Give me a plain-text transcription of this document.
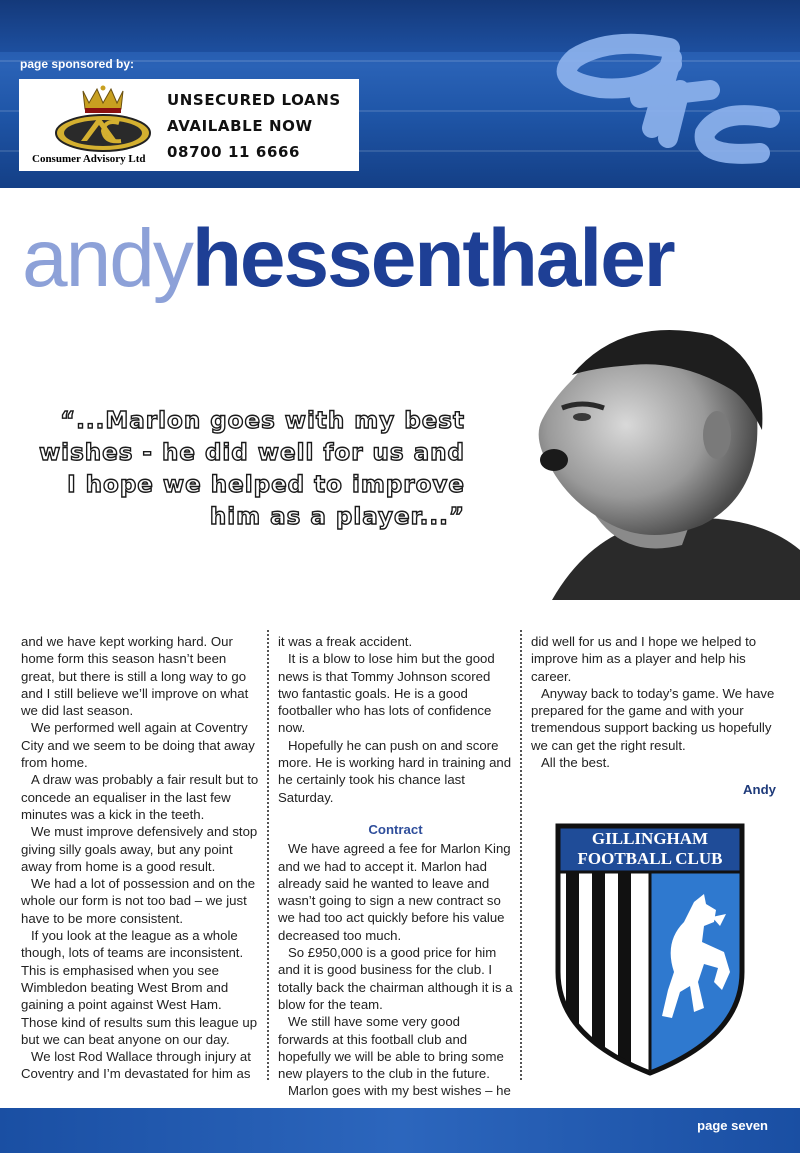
page sponsored by:
Consumer Advisory Ltd
UNSECURED LOANS
AVAILABLE NOW
08700 11 6666
andyhessenthaler
“...Marlon goes with my best wishes - he did well for us and I hope we helped to improve him as a player...”

and we have kept working hard. Our home form this season hasn’t been great, but there is still a long way to go and I still believe we’ll improve on what we did last season.

We performed well again at Coventry City and we seem to be doing that away from home.

A draw was probably a fair result but to concede an equaliser in the last few minutes was a kick in the teeth.

We must improve defensively and stop giving silly goals away, but any point away from home is a good result.

We had a lot of possession and on the whole our form is not too bad – we just have to be more consistent.

If you look at the league as a whole though, lots of teams are inconsistent. This is emphasised when you see Wimbledon beating West Brom and gaining a point against West Ham. Those kind of results sum this league up but we can beat anyone on our day.

We lost Rod Wallace through injury at Coventry and I’m devastated for him as

it was a freak accident.

It is a blow to lose him but the good news is that Tommy Johnson scored two fantastic goals. He is a good footballer who has lots of confidence now.

Hopefully he can push on and score more. He is working hard in training and he certainly took his chance last Saturday.

Contract

We have agreed a fee for Marlon King and we had to accept it. Marlon had already said he wanted to leave and wasn’t going to sign a new contract so we had too act quickly before his value decreased too much.

So £950,000 is a good price for him and it is good business for the club. I totally back the chairman although it is a blow for the team.

We still have some very good forwards at this football club and hopefully we will be able to bring some new players to the club in the future.

Marlon goes with my best wishes – he

did well for us and I hope we helped to improve him as a player and help his career.

Anyway back to today’s game. We have prepared for the game and with your tremendous support backing us hopefully we can get the right result.

All the best.

Andy

GILLINGHAM
FOOTBALL CLUB
page seven
